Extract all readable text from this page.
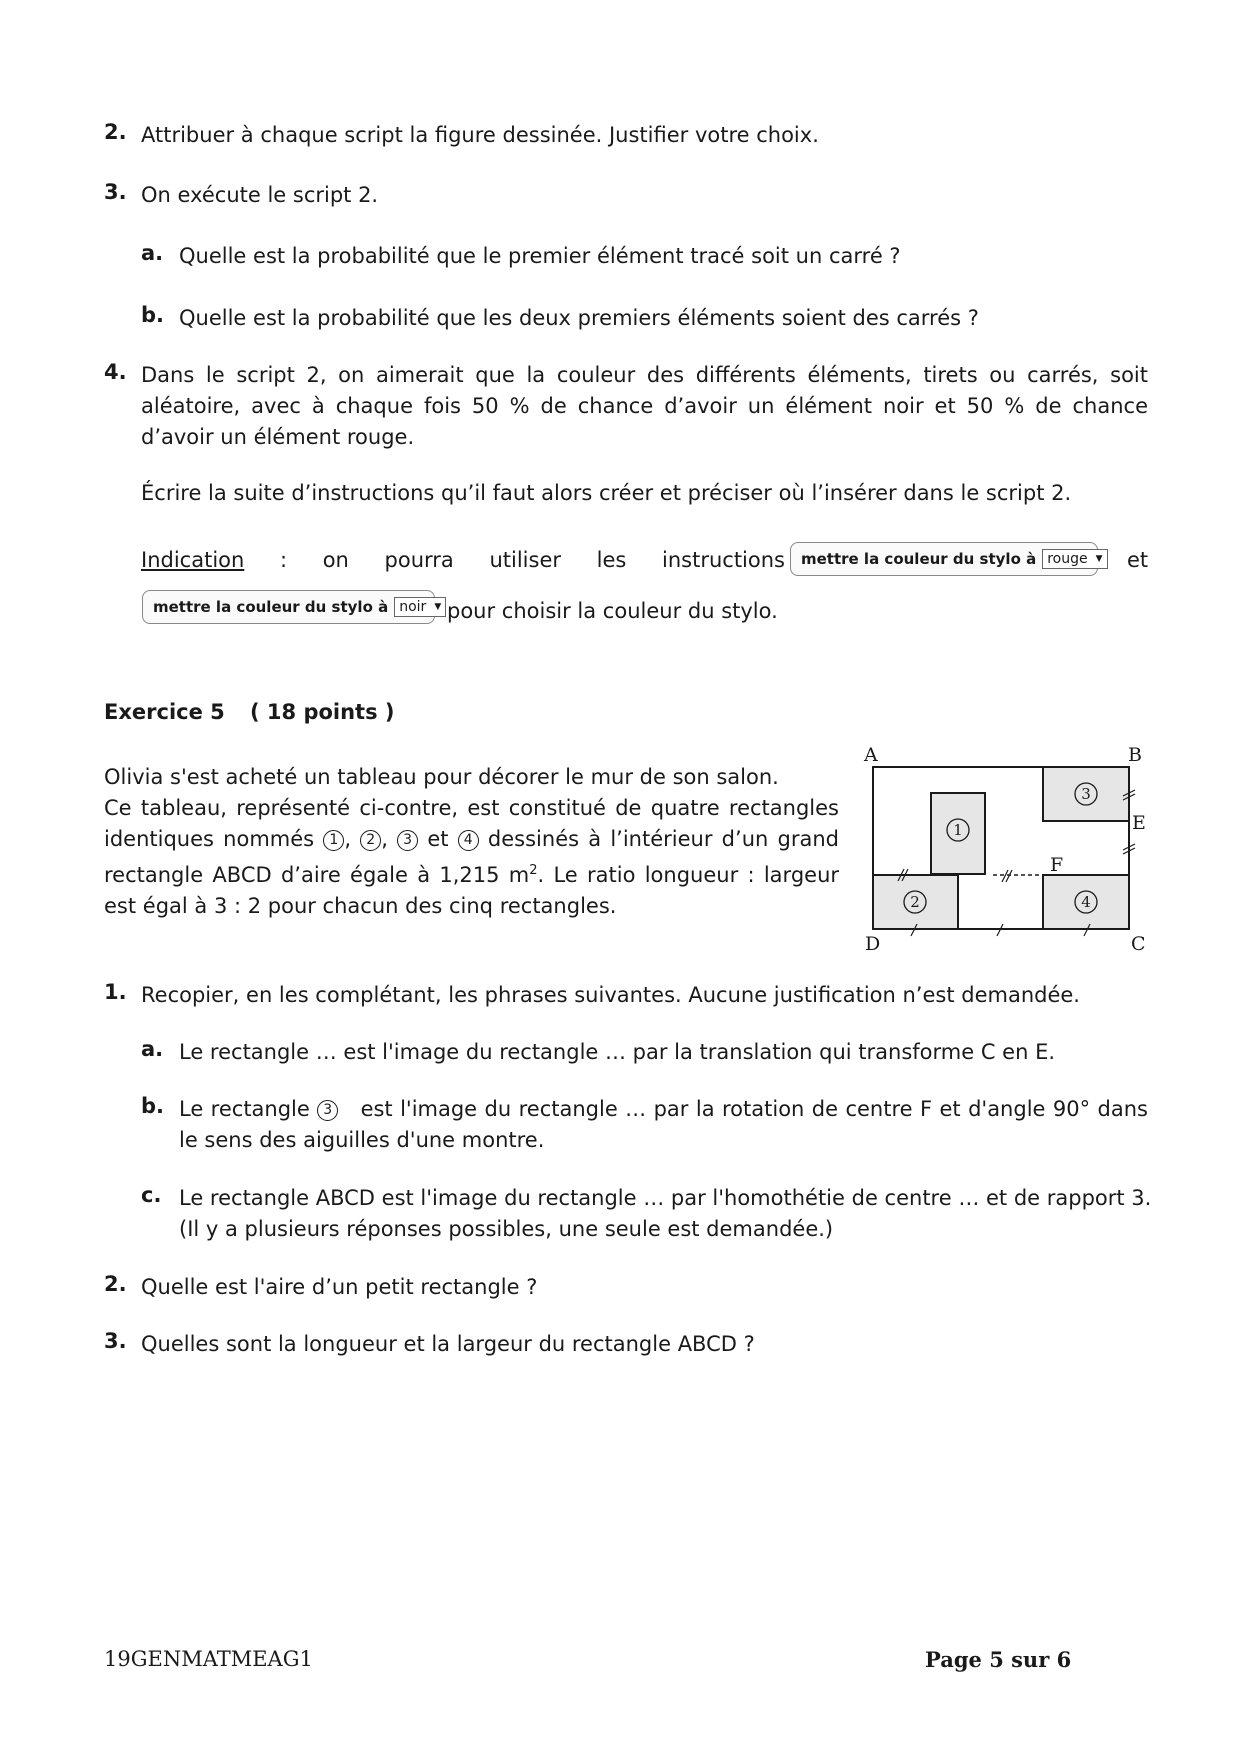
2. Attribuer à chaque script la figure dessinée. Justifier votre choix.
3. On exécute le script 2.
a. Quelle est la probabilité que le premier élément tracé soit un carré ?
b. Quelle est la probabilité que les deux premiers éléments soient des carrés ?
4. Dans le script 2, on aimerait que la couleur des différents éléments, tirets ou carrés, soit aléatoire, avec à chaque fois 50 % de chance d’avoir un élément noir et 50 % de chance d’avoir un élément rouge.
Écrire la suite d’instructions qu’il faut alors créer et préciser où l’insérer dans le script 2.
Indication : on pourra utiliser les instructions mettre la couleur du stylo à rouge ▼ et
mettre la couleur du stylo à noir ▼ pour choisir la couleur du stylo.
Exercice 5 ( 18 points )
Olivia s'est acheté un tableau pour décorer le mur de son salon.
Ce tableau, représenté ci-contre, est constitué de quatre rectangles identiques nommés 1 , 2 , 3 et 4 dessinés à l’intérieur d’un grand rectangle ABCD d’aire égale à 1,215 $m^2$. Le ratio longueur : largeur est égal à 3 : 2 pour chacun des cinq rectangles.
1
2
3
4
A	B
C
D
E
F
1. Recopier, en les complétant, les phrases suivantes. Aucune justification n’est demandée.
a. Le rectangle … est l'image du rectangle … par la translation qui transforme C en E.
b. Le rectangle 3 est l'image du rectangle … par la rotation de centre F et d'angle 90° dans le sens des aiguilles d'une montre.
c. Le rectangle ABCD est l'image du rectangle … par l'homothétie de centre … et de rapport 3.
(Il y a plusieurs réponses possibles, une seule est demandée.)
2. Quelle est l'aire d’un petit rectangle ?
3. Quelles sont la longueur et la largeur du rectangle ABCD ?
19GENMATMEAG1	Page 5 sur 6
